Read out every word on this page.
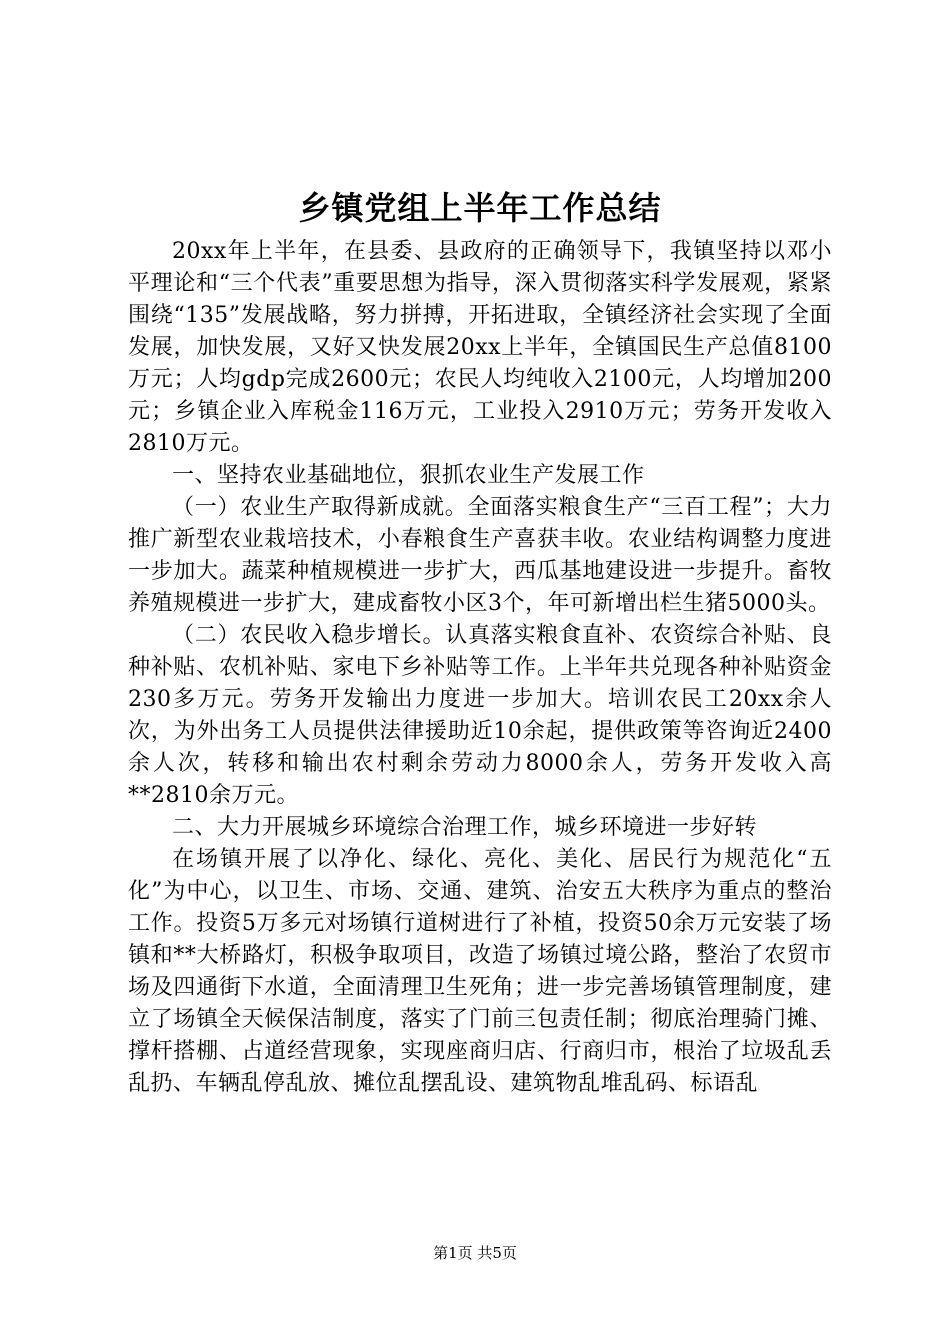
乡镇党组上半年工作总结

20xx年上半年，在县委、县政府的正确领导下，我镇坚持以邓小平理论和“三个代表”重要思想为指导，深入贯彻落实科学发展观，紧紧围绕“135”发展战略，努力拼搏，开拓进取，全镇经济社会实现了全面发展，加快发展，又好又快发展20xx上半年，全镇国民生产总值8100万元；人均gdp完成2600元；农民人均纯收入2100元，人均增加200元；乡镇企业入库税金116万元，工业投入2910万元；劳务开发收入2810万元。

一、坚持农业基础地位，狠抓农业生产发展工作

（一）农业生产取得新成就。全面落实粮食生产“三百工程”；大力推广新型农业栽培技术，小春粮食生产喜获丰收。农业结构调整力度进一步加大。蔬菜种植规模进一步扩大，西瓜基地建设进一步提升。畜牧养殖规模进一步扩大，建成畜牧小区3个，年可新增出栏生猪5000头。

（二）农民收入稳步增长。认真落实粮食直补、农资综合补贴、良种补贴、农机补贴、家电下乡补贴等工作。上半年共兑现各种补贴资金230多万元。劳务开发输出力度进一步加大。培训农民工20xx余人次，为外出务工人员提供法律援助近10余起，提供政策等咨询近2400余人次，转移和输出农村剩余劳动力8000余人，劳务开发收入高**2810余万元。

二、大力开展城乡环境综合治理工作，城乡环境进一步好转

在场镇开展了以净化、绿化、亮化、美化、居民行为规范化“五化”为中心，以卫生、市场、交通、建筑、治安五大秩序为重点的整治工作。投资5万多元对场镇行道树进行了补植，投资50余万元安装了场镇和**大桥路灯，积极争取项目，改造了场镇过境公路，整治了农贸市场及四通街下水道，全面清理卫生死角；进一步完善场镇管理制度，建立了场镇全天候保洁制度，落实了门前三包责任制；彻底治理骑门摊、撑杆搭棚、占道经营现象，实现座商归店、行商归市，根治了垃圾乱丢乱扔、车辆乱停乱放、摊位乱摆乱设、建筑物乱堆乱码、标语乱

第1页 共5页
